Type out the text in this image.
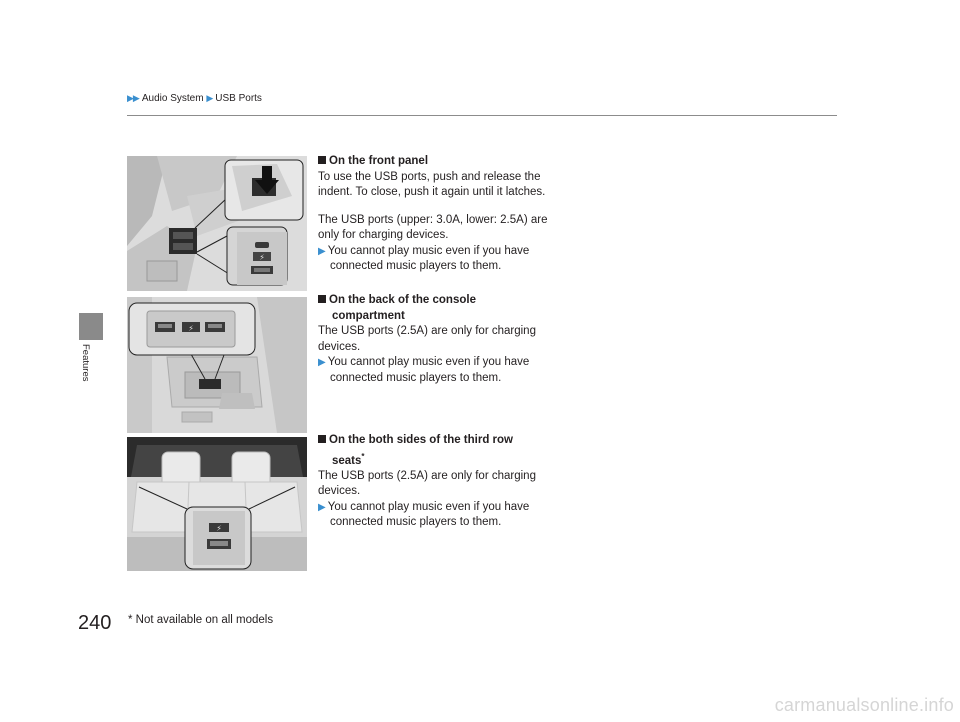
▶▶ Audio System ▶ USB Ports
Features
⚡
⚡
⚡
On the front panel

To use the USB ports, push and release the indent. To close, push it again until it latches.

The USB ports (upper: 3.0A, lower: 2.5A) are only for charging devices.

▶ You cannot play music even if you have connected music players to them.

On the back of the console
compartment

The USB ports (2.5A) are only for charging devices.

▶ You cannot play music even if you have connected music players to them.

On the both sides of the third row
seats*

The USB ports (2.5A) are only for charging devices.

▶ You cannot play music even if you have connected music players to them.

240 * Not available on all models
carmanualsonline.info
